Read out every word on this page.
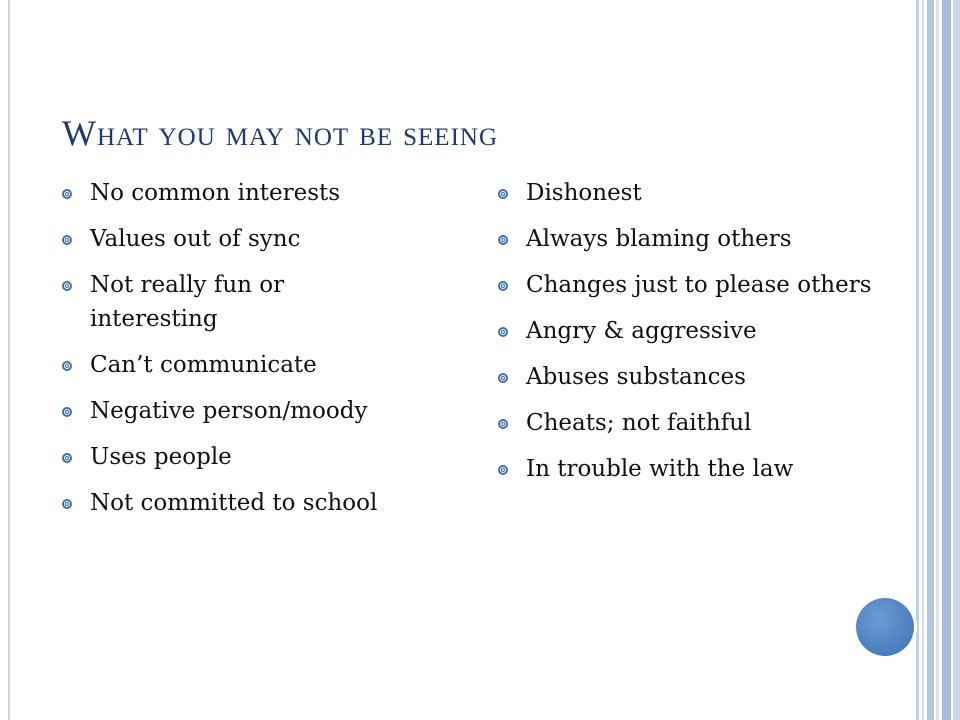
What you may not be seeing
No common interests
Values out of sync
Not really fun or interesting
Can’t communicate
Negative person/moody
Uses people
Not committed to school
Dishonest
Always blaming others
Changes just to please others
Angry & aggressive
Abuses substances
Cheats; not faithful
In trouble with the law
